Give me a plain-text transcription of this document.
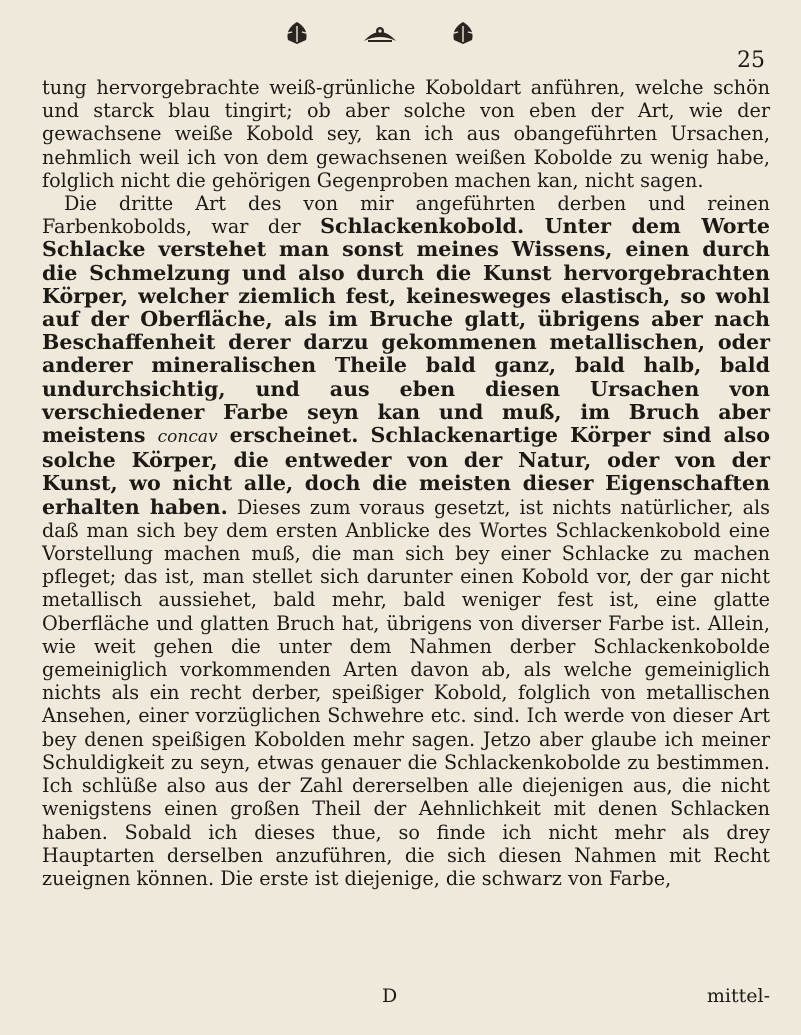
25

tung hervorgebrachte weiß-grünliche Koboldart anführen, welche schön und starck blau tingirt; ob aber solche von eben der Art, wie der gewachsene weiße Kobold sey, kan ich aus obangeführten Ursachen, nehmlich weil ich von dem gewachsenen weißen Kobolde zu wenig habe, folglich nicht die gehörigen Gegenproben machen kan, nicht sagen.

Die dritte Art des von mir angeführten derben und reinen Farbenkobolds, war der Schlackenkobold. Unter dem Worte Schlacke verstehet man sonst meines Wissens, einen durch die Schmelzung und also durch die Kunst hervorgebrachten Körper, welcher ziemlich fest, keinesweges elastisch, so wohl auf der Oberfläche, als im Bruche glatt, übrigens aber nach Beschaffenheit derer darzu gekommenen metallischen, oder anderer mineralischen Theile bald ganz, bald halb, bald undurchsichtig, und aus eben diesen Ursachen von verschiedener Farbe seyn kan und muß, im Bruch aber meistens concav erscheinet. Schlackenartige Körper sind also solche Körper, die entweder von der Natur, oder von der Kunst, wo nicht alle, doch die meisten dieser Eigenschaften erhalten haben. Dieses zum voraus gesetzt, ist nichts natürlicher, als daß man sich bey dem ersten Anblicke des Wortes Schlackenkobold eine Vorstellung machen muß, die man sich bey einer Schlacke zu machen pfleget; das ist, man stellet sich darunter einen Kobold vor, der gar nicht metallisch aussiehet, bald mehr, bald weniger fest ist, eine glatte Oberfläche und glatten Bruch hat, übrigens von diverser Farbe ist. Allein, wie weit gehen die unter dem Nahmen derber Schlackenkobolde gemeiniglich vorkommenden Arten davon ab, als welche gemeiniglich nichts als ein recht derber, speißiger Kobold, folglich von metallischen Ansehen, einer vorzüglichen Schwehre etc. sind. Ich werde von dieser Art bey denen speißigen Kobolden mehr sagen. Jetzo aber glaube ich meiner Schuldigkeit zu seyn, etwas genauer die Schlackenkobolde zu bestimmen. Ich schlüße also aus der Zahl dererselben alle diejenigen aus, die nicht wenigstens einen großen Theil der Aehnlichkeit mit denen Schlacken haben. Sobald ich dieses thue, so finde ich nicht mehr als drey Hauptarten derselben anzuführen, die sich diesen Nahmen mit Recht zueignen können. Die erste ist diejenige, die schwarz von Farbe,

D	mittel-
